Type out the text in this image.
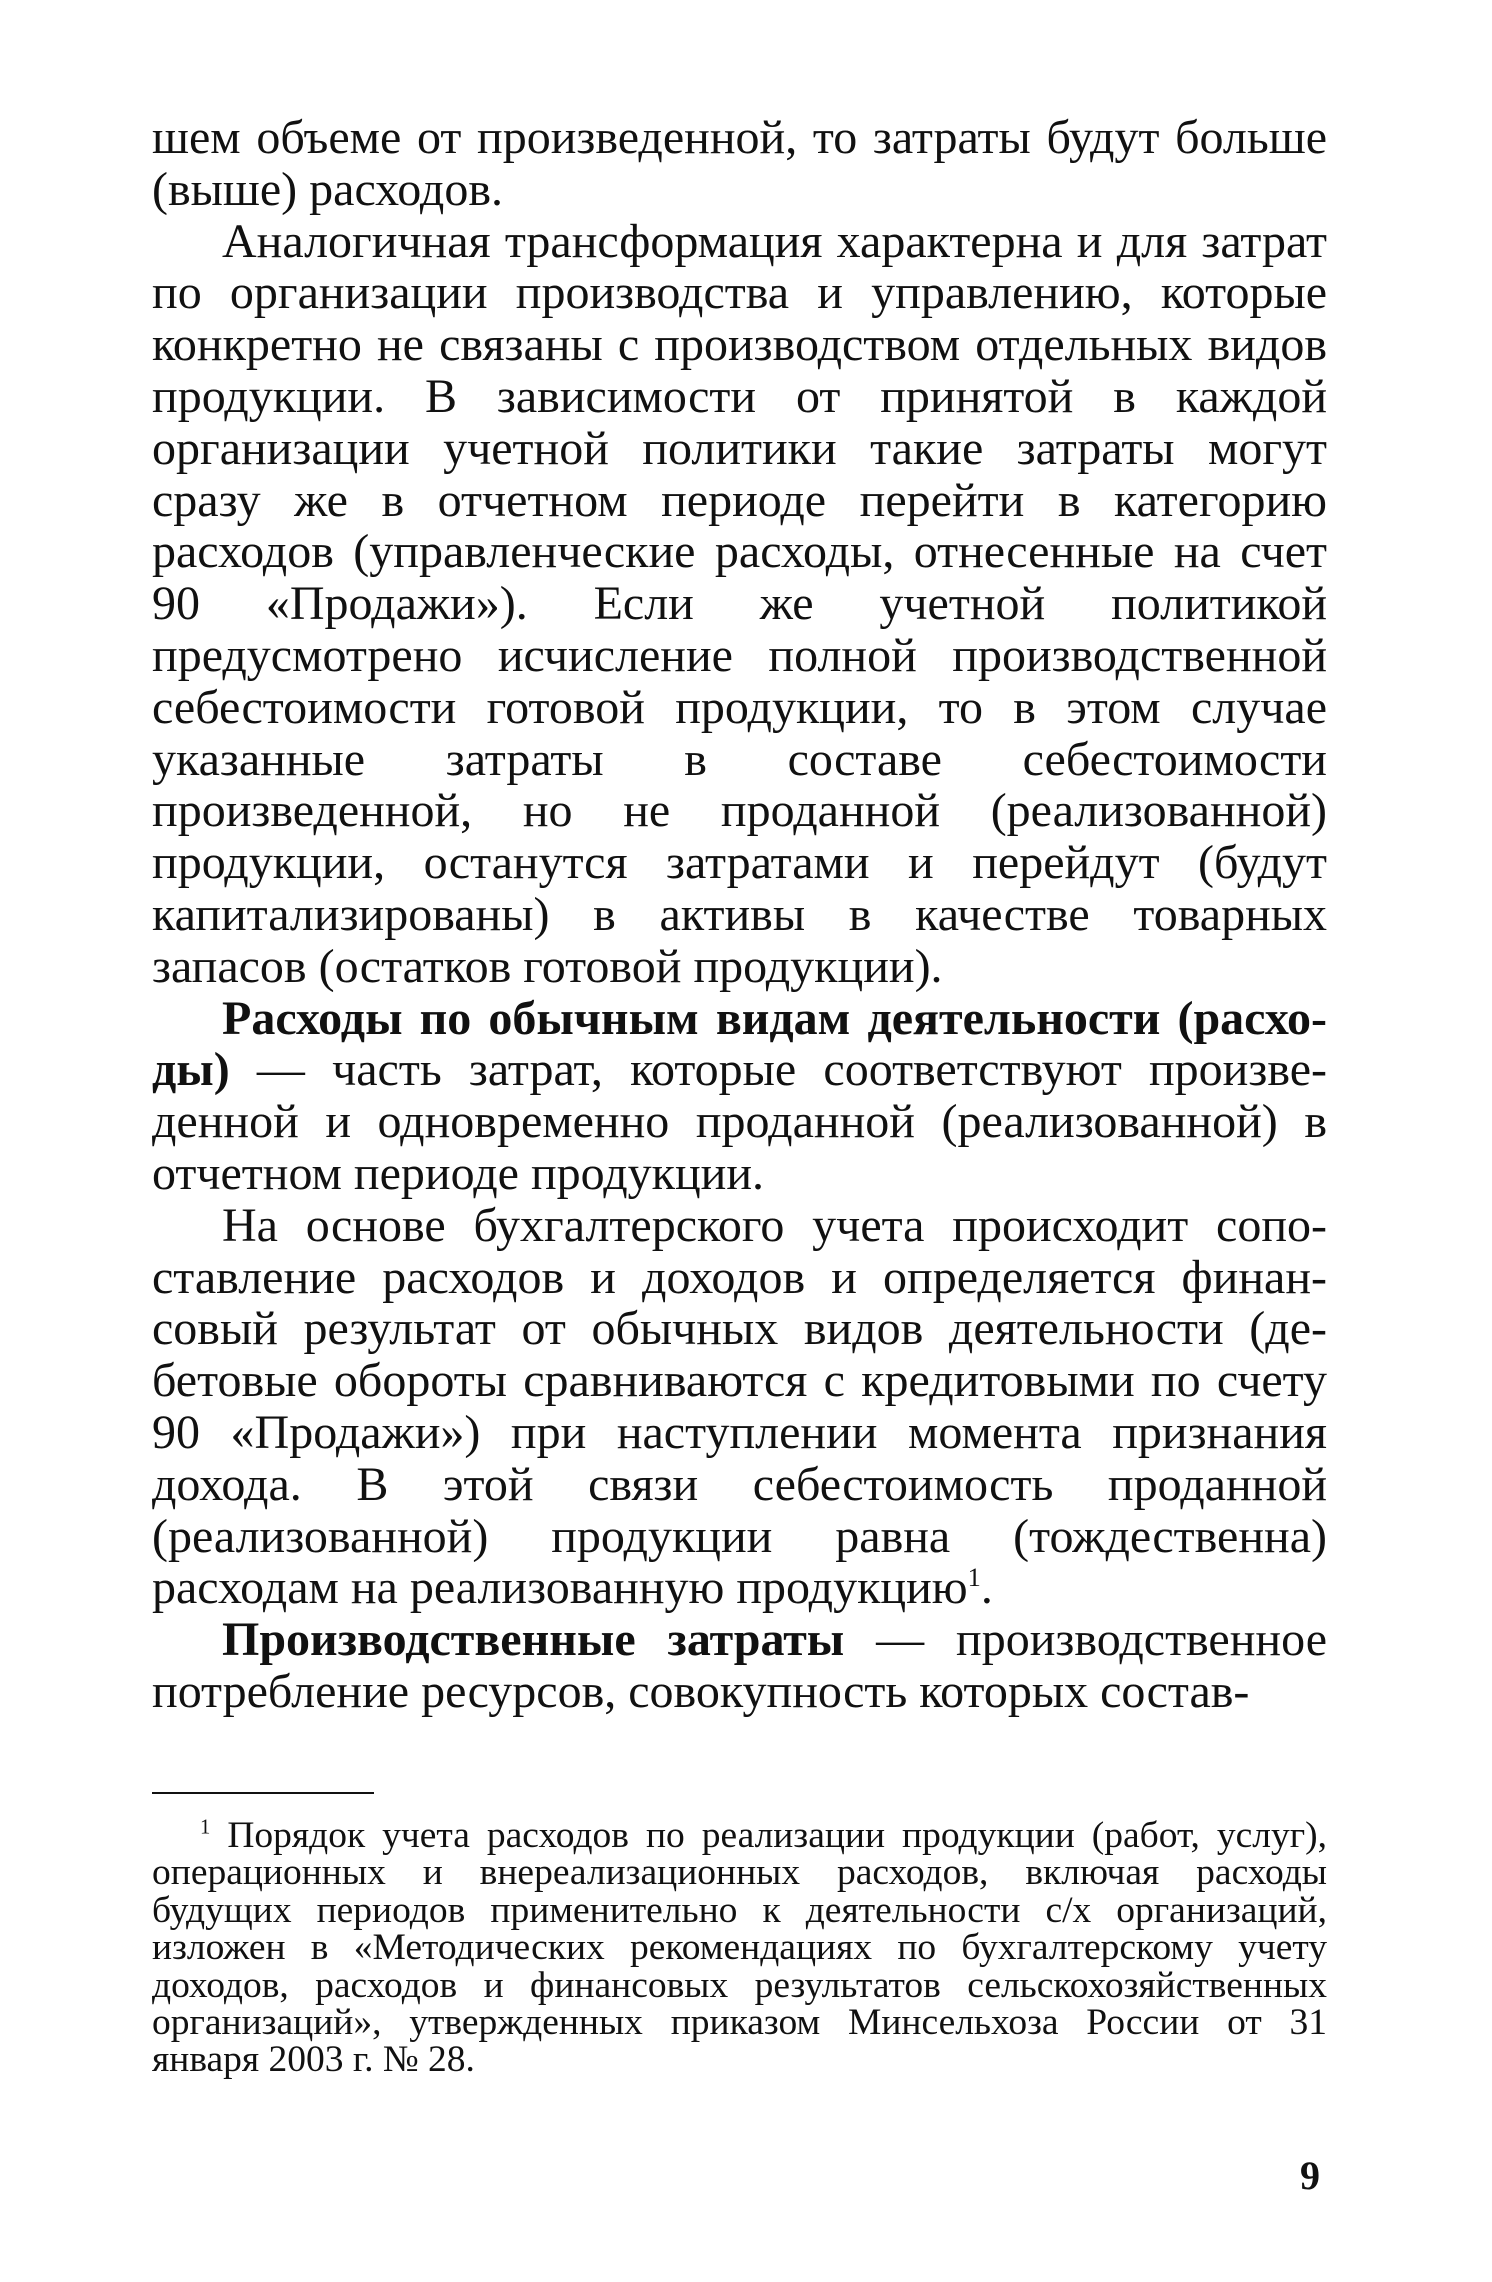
шем объеме от произведенной, то затраты будут больше (выше) расходов.

Аналогичная трансформация характерна и для затрат по организации производства и управлению, которые конкретно не связаны с производством отдельных видов продукции. В зависимости от принятой в каждой организации учетной политики такие затраты могут сразу же в отчетном периоде перейти в категорию расходов (управленческие расходы, отнесенные на счет 90 «Продажи»). Если же учетной политикой предусмотрено исчисление полной производственной себестоимости готовой продукции, то в этом случае указанные затраты в составе себестоимости произведенной, но не проданной (реализованной) продукции, останутся затратами и перейдут (будут капитализированы) в активы в качестве товарных запасов (остатков готовой продукции).

Расходы по обычным видам деятельности (расходы) — часть затрат, которые соответствуют произведенной и одновременно проданной (реализованной) в отчетном периоде продукции.

На основе бухгалтерского учета происходит сопоставление расходов и доходов и определяется финансовый результат от обычных видов деятельности (дебетовые обороты сравниваются с кредитовыми по счету 90 «Продажи») при наступлении момента признания дохода. В этой связи себестоимость проданной (реализованной) продукции равна (тождественна) расходам на реализованную продукцию$^1$.

Производственные затраты — производственное потребление ресурсов, совокупность которых состав-

$^1$ Порядок учета расходов по реализации продукции (работ, услуг), операционных и внереализационных расходов, включая расходы будущих периодов применительно к деятельности с/х организаций, изложен в «Методических рекомендациях по бухгалтерскому учету доходов, расходов и финансовых результатов сельскохозяйственных организаций», утвержденных приказом Минсельхоза России от 31 января 2003 г. № 28.

9
